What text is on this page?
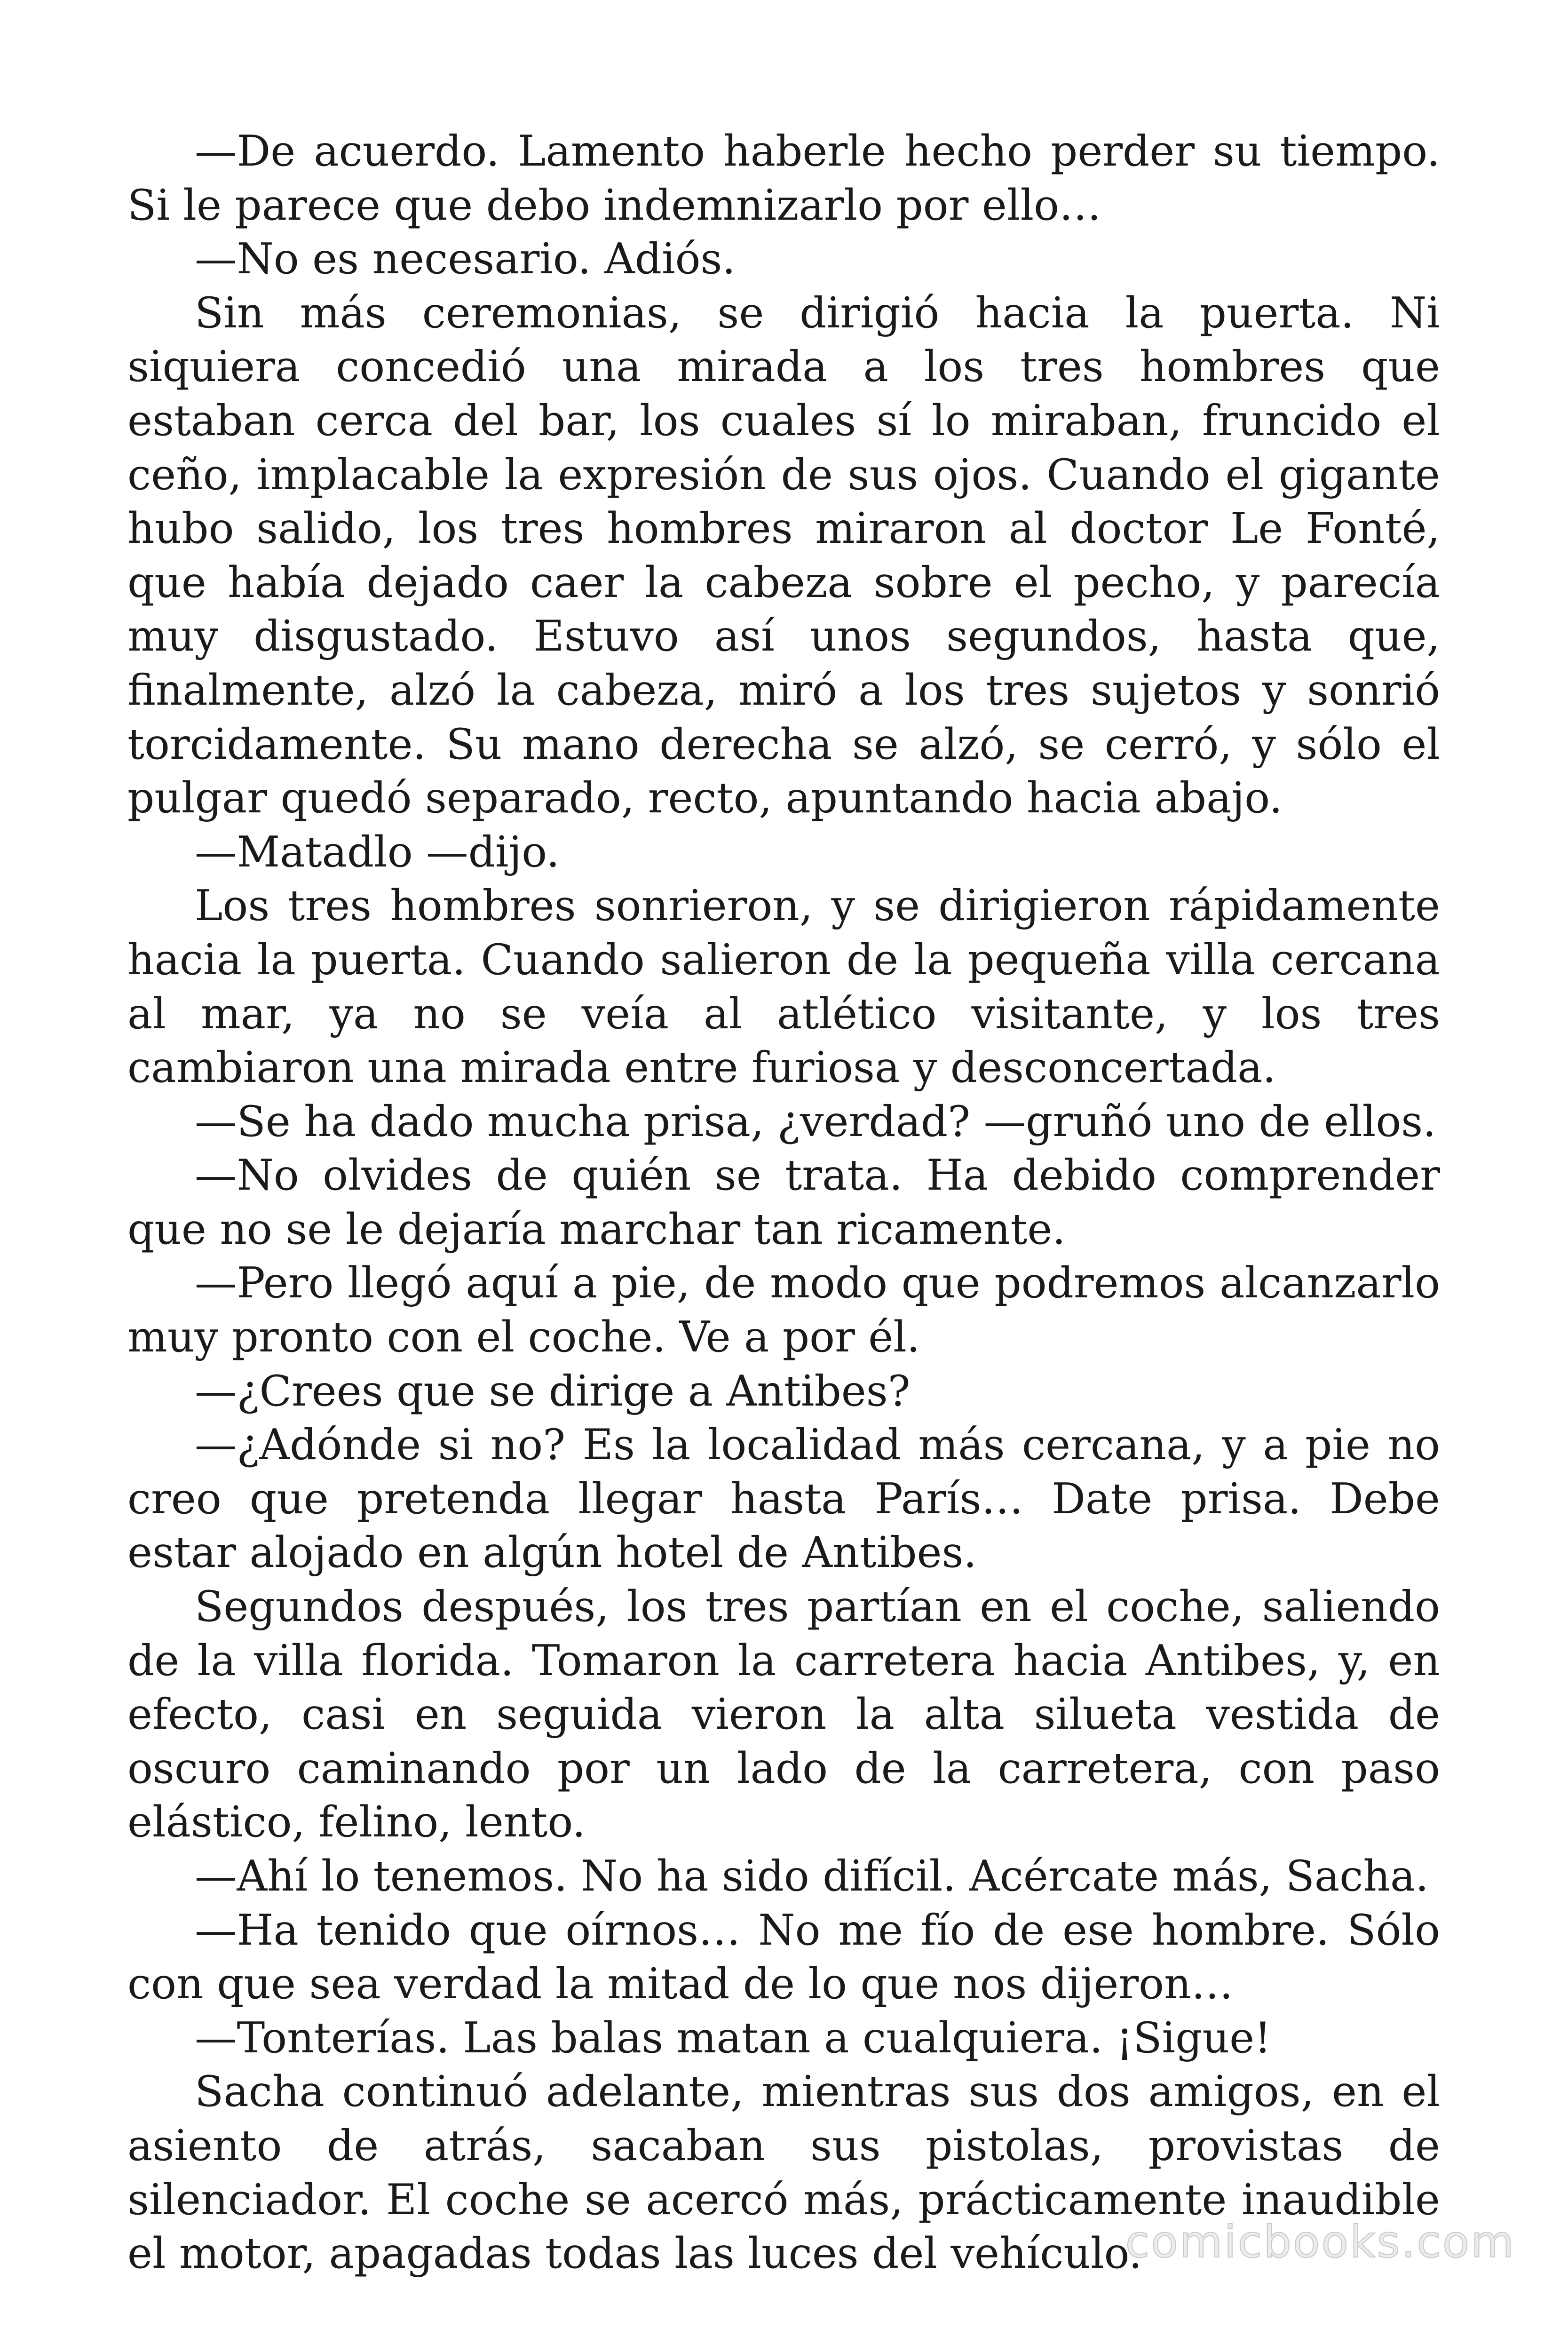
—De acuerdo. Lamento haberle hecho perder su tiempo. Si le parece que debo indemnizarlo por ello…

—No es necesario. Adiós.

Sin más ceremonias, se dirigió hacia la puerta. Ni siquiera concedió una mirada a los tres hombres que estaban cerca del bar, los cuales sí lo miraban, fruncido el ceño, implacable la expresión de sus ojos. Cuando el gigante hubo salido, los tres hombres miraron al doctor Le Fonté, que había dejado caer la cabeza sobre el pecho, y parecía muy disgustado. Estuvo así unos segundos, hasta que, finalmente, alzó la cabeza, miró a los tres sujetos y sonrió torcidamente. Su mano derecha se alzó, se cerró, y sólo el pulgar quedó separado, recto, apuntando hacia abajo.

—Matadlo —dijo.

Los tres hombres sonrieron, y se dirigieron rápidamente hacia la puerta. Cuando salieron de la pequeña villa cercana al mar, ya no se veía al atlético visitante, y los tres cambiaron una mirada entre furiosa y desconcertada.

—Se ha dado mucha prisa, ¿verdad? —gruñó uno de ellos.

—No olvides de quién se trata. Ha debido comprender que no se le dejaría marchar tan ricamente.

—Pero llegó aquí a pie, de modo que podremos alcanzarlo muy pronto con el coche. Ve a por él.

—¿Crees que se dirige a Antibes?

—¿Adónde si no? Es la localidad más cercana, y a pie no creo que pretenda llegar hasta París… Date prisa. Debe estar alojado en algún hotel de Antibes.

Segundos después, los tres partían en el coche, saliendo de la villa florida. Tomaron la carretera hacia Antibes, y, en efecto, casi en seguida vieron la alta silueta vestida de oscuro caminando por un lado de la carretera, con paso elástico, felino, lento.

—Ahí lo tenemos. No ha sido difícil. Acércate más, Sacha.

—Ha tenido que oírnos… No me fío de ese hombre. Sólo con que sea verdad la mitad de lo que nos dijeron…

—Tonterías. Las balas matan a cualquiera. ¡Sigue!

Sacha continuó adelante, mientras sus dos amigos, en el asiento de atrás, sacaban sus pistolas, provistas de silenciador. El coche se acercó más, prácticamente inaudible el motor, apagadas todas las luces del vehículo.

comicbooks.com
